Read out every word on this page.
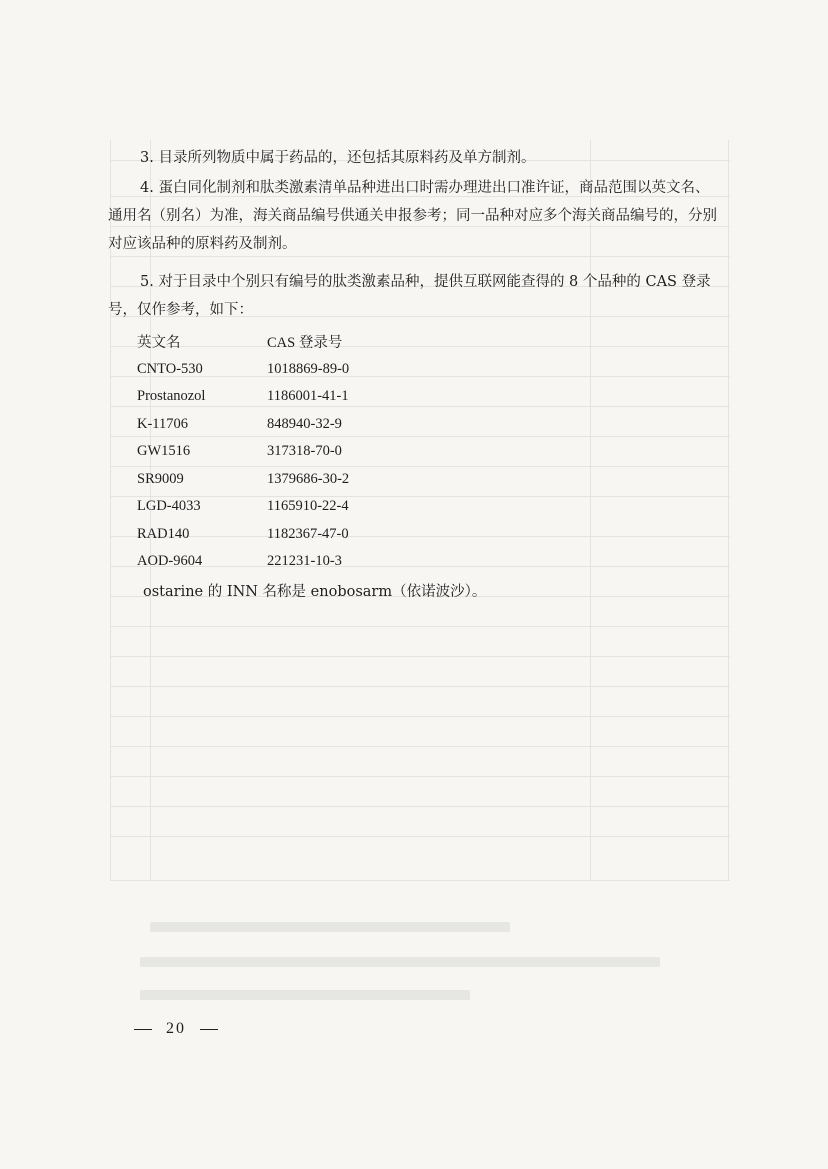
3. 目录所列物质中属于药品的，还包括其原料药及单方制剂。

4. 蛋白同化制剂和肽类激素清单品种进出口时需办理进出口准许证，商品范围以英文名、通用名（别名）为准，海关商品编号供通关申报参考；同一品种对应多个海关商品编号的，分别对应该品种的原料药及制剂。

5. 对于目录中个别只有编号的肽类激素品种，提供互联网能查得的 8 个品种的 CAS 登录号，仅作参考，如下：

英文名	CAS 登录号
CNTO-530	1018869-89-0
Prostanozol	1186001-41-1
K-11706	848940-32-9
GW1516	317318-70-0
SR9009	1379686-30-2
LGD-4033	1165910-22-4
RAD140	1182367-47-0
AOD-9604	221231-10-3
ostarine 的 INN 名称是 enobosarm（依诺波沙）。
20
